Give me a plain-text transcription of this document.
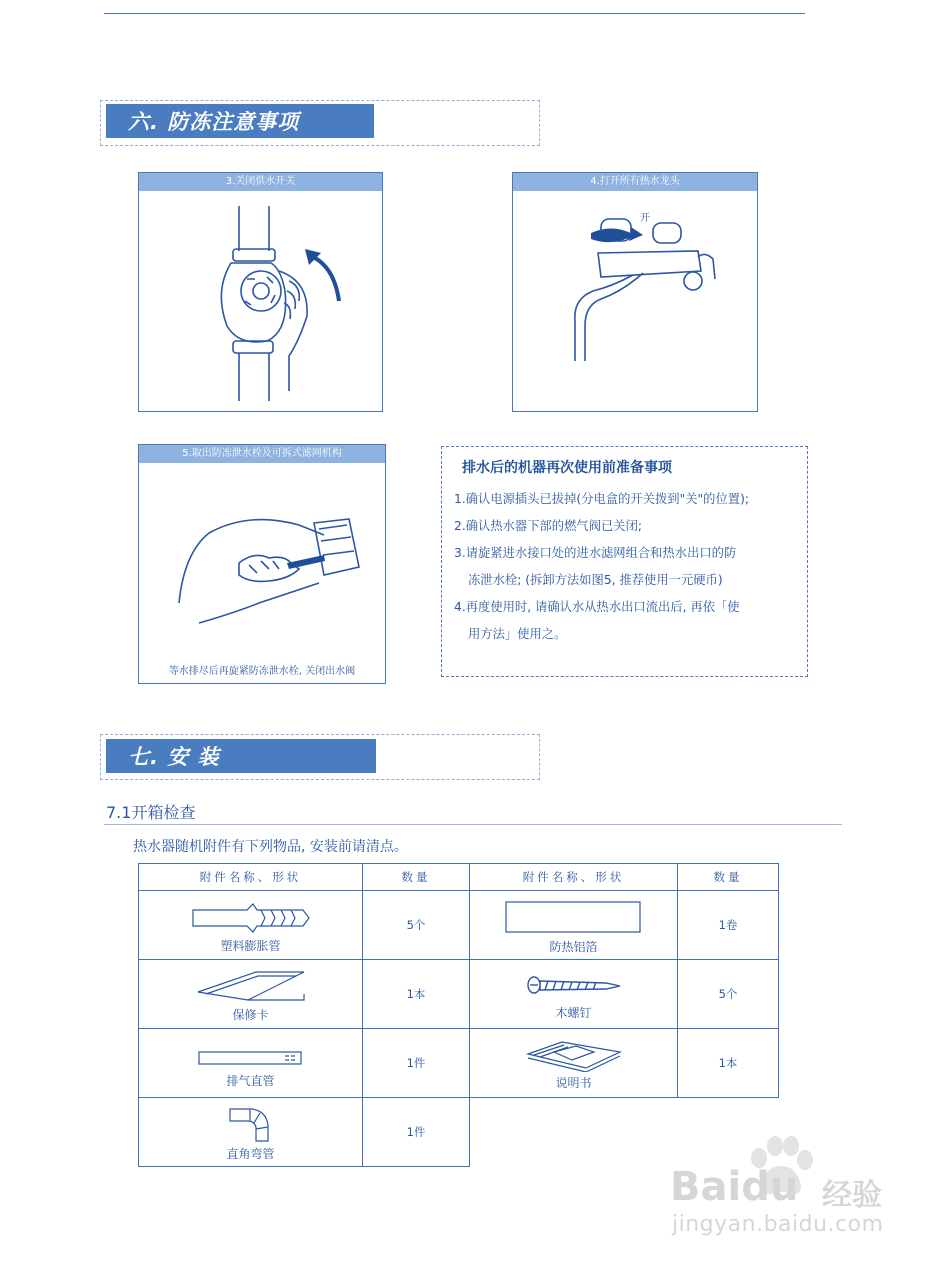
六. 防冻注意事项
3.关闭供水开关	4.打开所有热水龙头
开
5.取出防冻泄水栓及可拆式滤网机构
等水排尽后再旋紧防冻泄水栓, 关闭出水阀
排水后的机器再次使用前准备事项
1.确认电源插头已拔掉(分电盒的开关拨到"关"的位置);
2.确认热水器下部的燃气阀已关闭;
3.请旋紧进水接口处的进水滤网组合和热水出口的防
冻泄水栓; (拆卸方法如图5, 推荐使用一元硬币)
4.再度使用时, 请确认水从热水出口流出后, 再依「使
用方法」使用之。
七. 安 装
7.1开箱检查
热水器随机附件有下列物品, 安装前请清点。
附件名称、形状	数量	附件名称、形状	数量

塑料膨胀管	5个	防热铝箔	1卷

保修卡	1本	木螺钉	5个

排气直管	1件	说明书	1本

直角弯管	1件		
Baidu 经验
jingyan.baidu.com
